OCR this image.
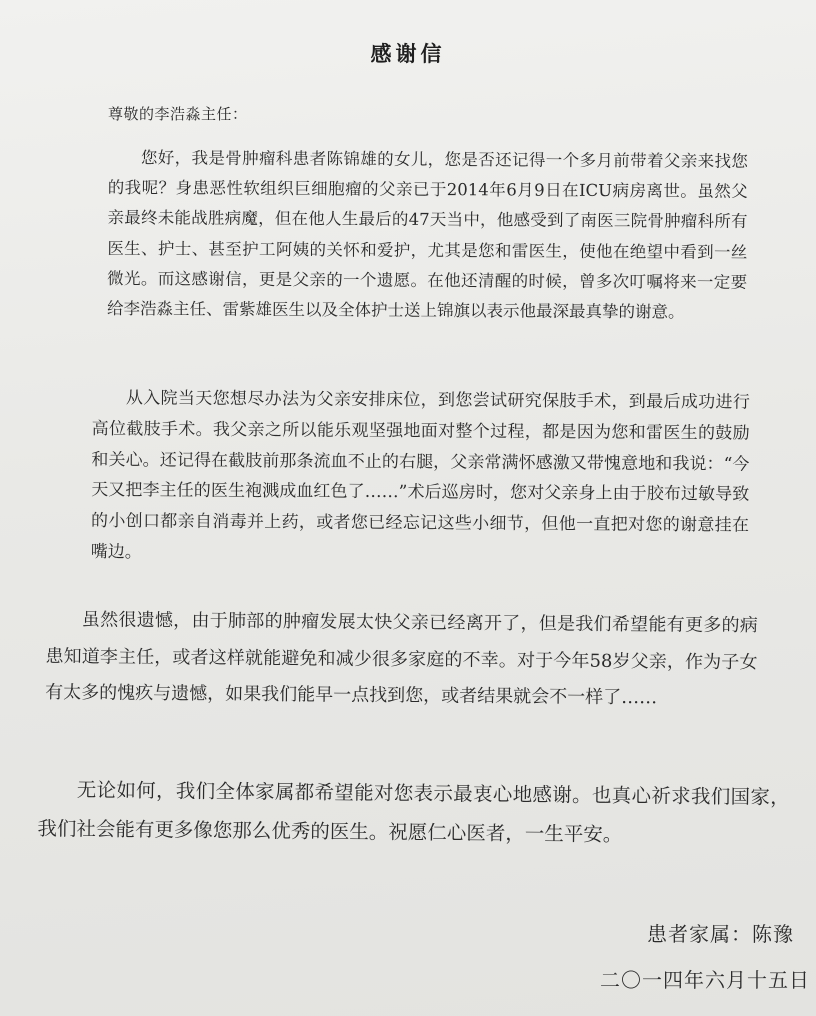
感谢信
尊敬的李浩淼主任：

您好，我是骨肿瘤科患者陈锦雄的女儿，您是否还记得一个多月前带着父亲来找您的我呢？身患恶性软组织巨细胞瘤的父亲已于2014年6月9日在ICU病房离世。虽然父亲最终未能战胜病魔，但在他人生最后的47天当中，他感受到了南医三院骨肿瘤科所有医生、护士、甚至护工阿姨的关怀和爱护，尤其是您和雷医生，使他在绝望中看到一丝微光。而这感谢信，更是父亲的一个遗愿。在他还清醒的时候，曾多次叮嘱将来一定要给李浩淼主任、雷紫雄医生以及全体护士送上锦旗以表示他最深最真挚的谢意。

从入院当天您想尽办法为父亲安排床位，到您尝试研究保肢手术，到最后成功进行高位截肢手术。我父亲之所以能乐观坚强地面对整个过程，都是因为您和雷医生的鼓励和关心。还记得在截肢前那条流血不止的右腿，父亲常满怀感激又带愧意地和我说：“今天又把李主任的医生袍溅成血红色了……”术后巡房时，您对父亲身上由于胶布过敏导致的小创口都亲自消毒并上药，或者您已经忘记这些小细节，但他一直把对您的谢意挂在嘴边。

虽然很遗憾，由于肺部的肿瘤发展太快父亲已经离开了，但是我们希望能有更多的病患知道李主任，或者这样就能避免和减少很多家庭的不幸。对于今年58岁父亲，作为子女有太多的愧疚与遗憾，如果我们能早一点找到您，或者结果就会不一样了……

无论如何，我们全体家属都希望能对您表示最衷心地感谢。也真心祈求我们国家，我们社会能有更多像您那么优秀的医生。祝愿仁心医者，一生平安。

患者家属：陈豫
二〇一四年六月十五日
